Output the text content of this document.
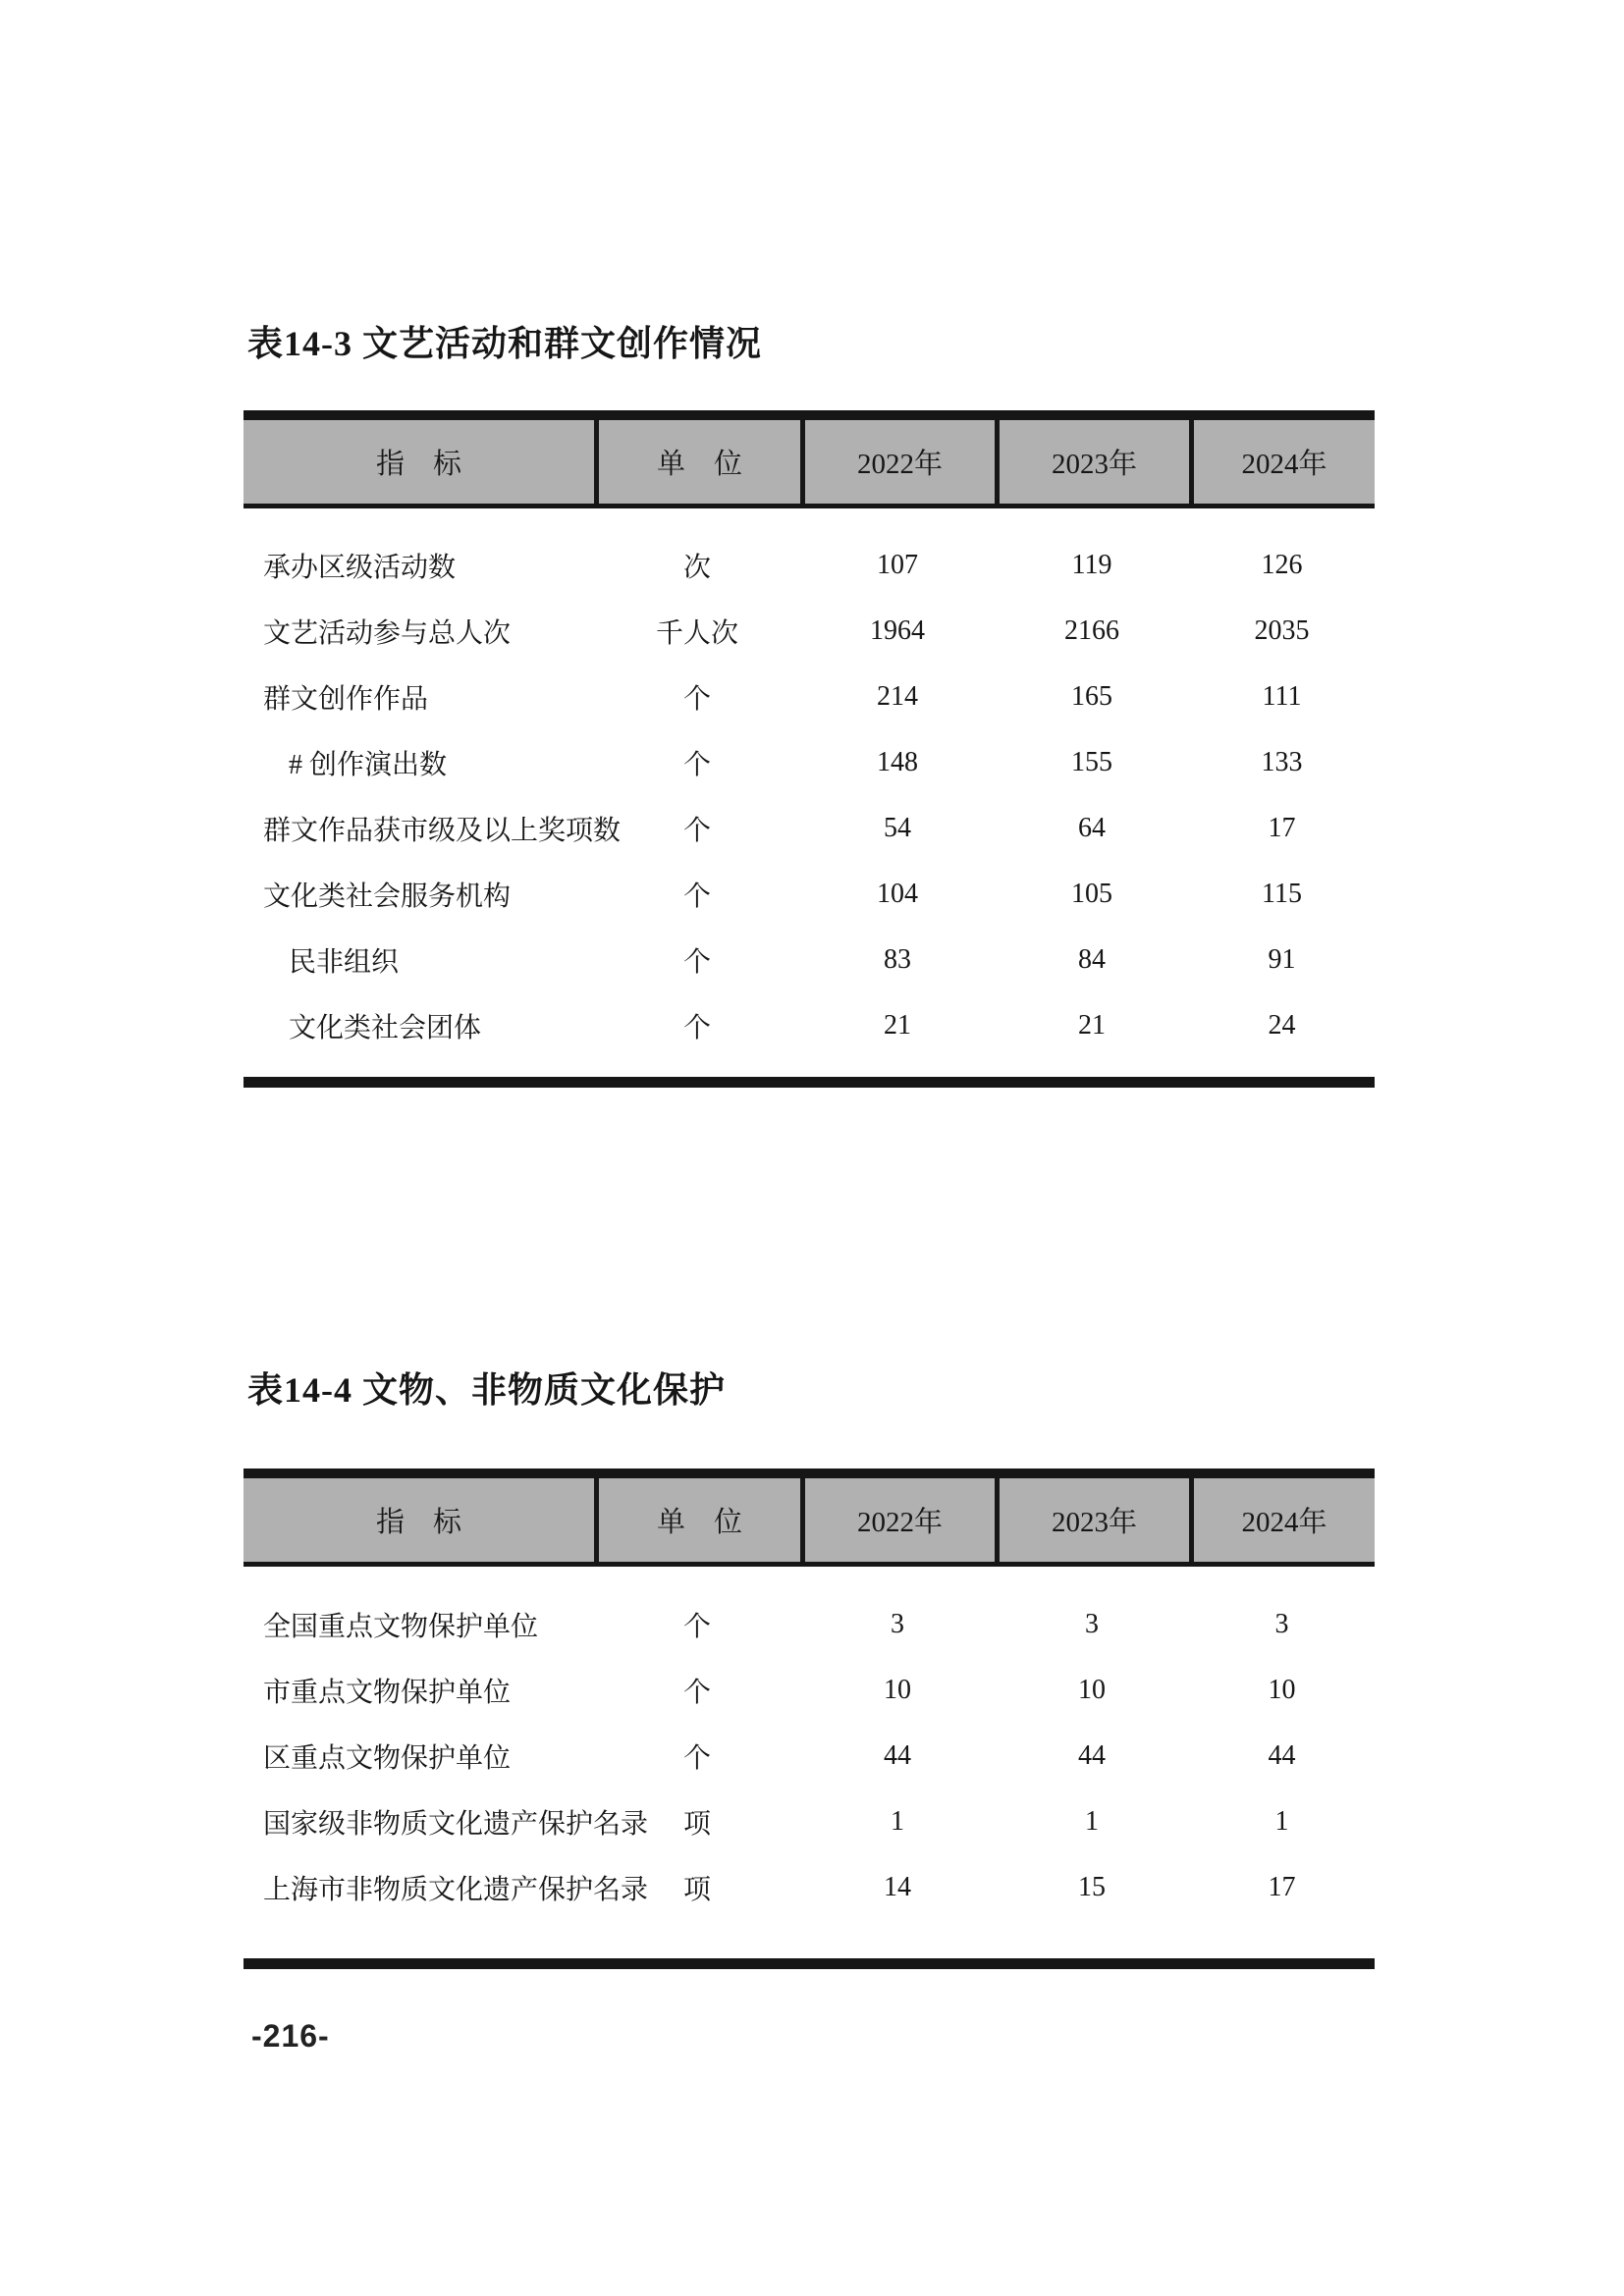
表14-3 文艺活动和群文创作情况
指　标	单　位	2022年	2023年	2024年
承办区级活动数	次	107	119	126
文艺活动参与总人次	千人次	1964	2166	2035
群文创作作品	个	214	165	111
# 创作演出数	个	148	155	133
群文作品获市级及以上奖项数	个	54	64	17
文化类社会服务机构	个	104	105	115
民非组织	个	83	84	91
文化类社会团体	个	21	21	24
表14-4 文物、非物质文化保护
指　标	单　位	2022年	2023年	2024年
全国重点文物保护单位	个	3	3	3
市重点文物保护单位	个	10	10	10
区重点文物保护单位	个	44	44	44
国家级非物质文化遗产保护名录	项	1	1	1
上海市非物质文化遗产保护名录	项	14	15	17
-216-
